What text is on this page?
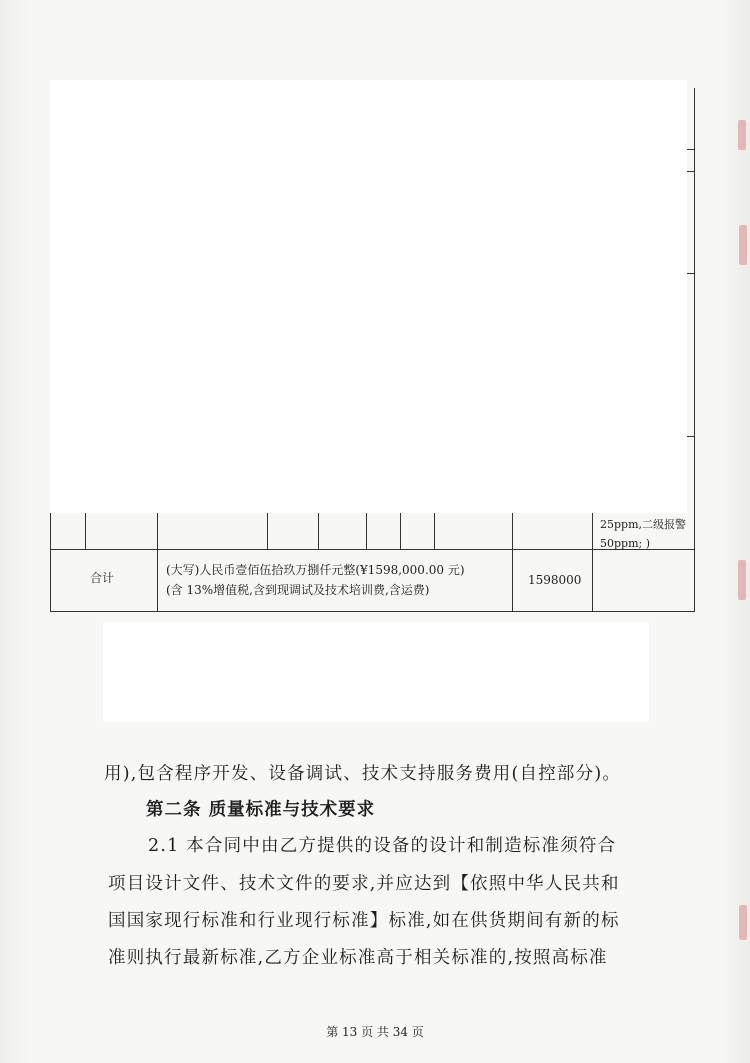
25ppm,二级报警
50ppm; )
合计
(大写)人民币壹佰伍拾玖万捌仟元整(¥1598,000.00 元)
(含 13%增值税,含到现调试及技术培训费,含运费)
1598000
用),包含程序开发、设备调试、技术支持服务费用(自控部分)。
第二条 质量标准与技术要求
2.1 本合同中由乙方提供的设备的设计和制造标准须符合
项目设计文件、技术文件的要求,并应达到【依照中华人民共和
国国家现行标准和行业现行标准】标准,如在供货期间有新的标
准则执行最新标准,乙方企业标准高于相关标准的,按照高标准
第 13 页 共 34 页
